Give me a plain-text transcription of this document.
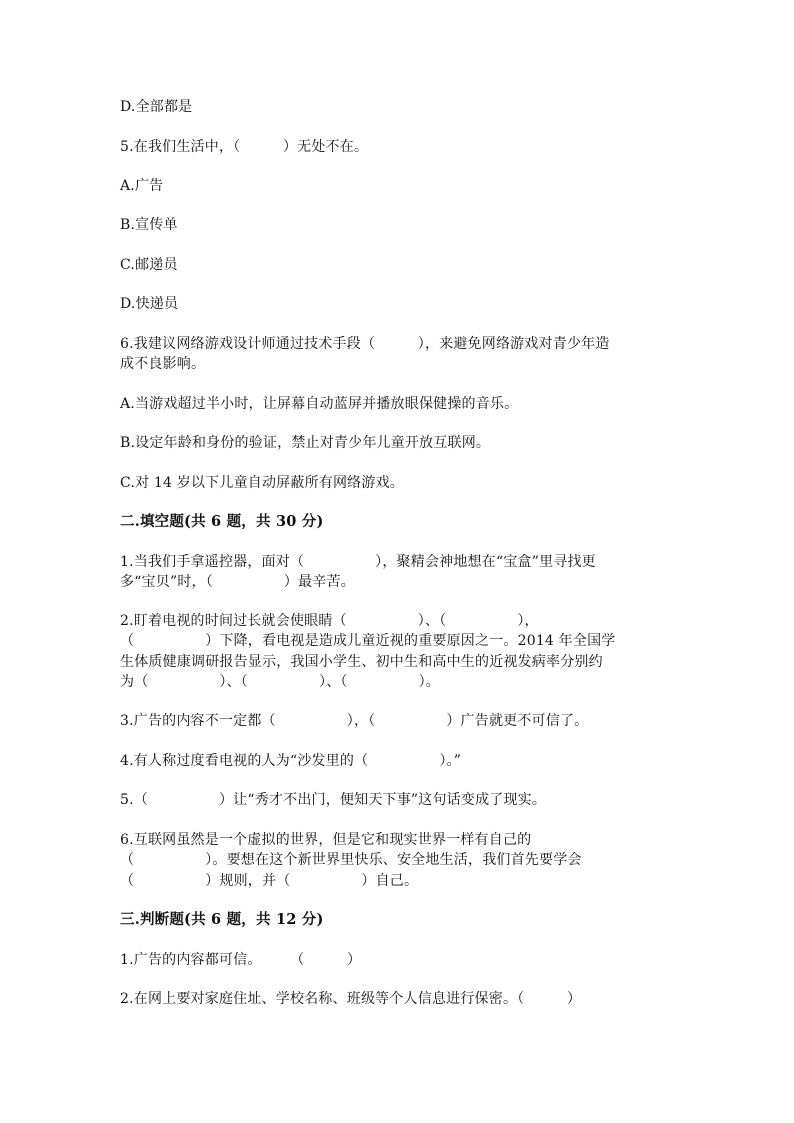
D.全部都是

5.在我们生活中，（　　　）无处不在。

A.广告

B.宣传单

C.邮递员

D.快递员

6.我建议网络游戏设计师通过技术手段（　　　），来避免网络游戏对青少年造

成不良影响。

A.当游戏超过半小时，让屏幕自动蓝屏并播放眼保健操的音乐。

B.设定年龄和身份的验证，禁止对青少年儿童开放互联网。

C.对 14 岁以下儿童自动屏蔽所有网络游戏。

二.填空题(共 6 题，共 30 分)

1.当我们手拿遥控器，面对（　　　　　），聚精会神地想在“宝盒”里寻找更

多“宝贝”时，（　　　　　）最辛苦。

2.盯着电视的时间过长就会使眼睛（　　　　　）、（　　　　　），

（　　　　　）下降，看电视是造成儿童近视的重要原因之一。2014 年全国学

生体质健康调研报告显示，我国小学生、初中生和高中生的近视发病率分别约

为（　　　　　）、（　　　　　）、（　　　　　）。

3.广告的内容不一定都（　　　　　），（　　　　　）广告就更不可信了。

4.有人称过度看电视的人为“沙发里的（　　　　　）。”

5.（　　　　　）让“秀才不出门，便知天下事”这句话变成了现实。

6.互联网虽然是一个虚拟的世界，但是它和现实世界一样有自己的

（　　　　　）。要想在这个新世界里快乐、安全地生活，我们首先要学会

（　　　　　）规则，并（　　　　　）自己。

三.判断题(共 6 题，共 12 分)

1.广告的内容都可信。　　　（　　　）

2.在网上要对家庭住址、学校名称、班级等个人信息进行保密。（　　　）
